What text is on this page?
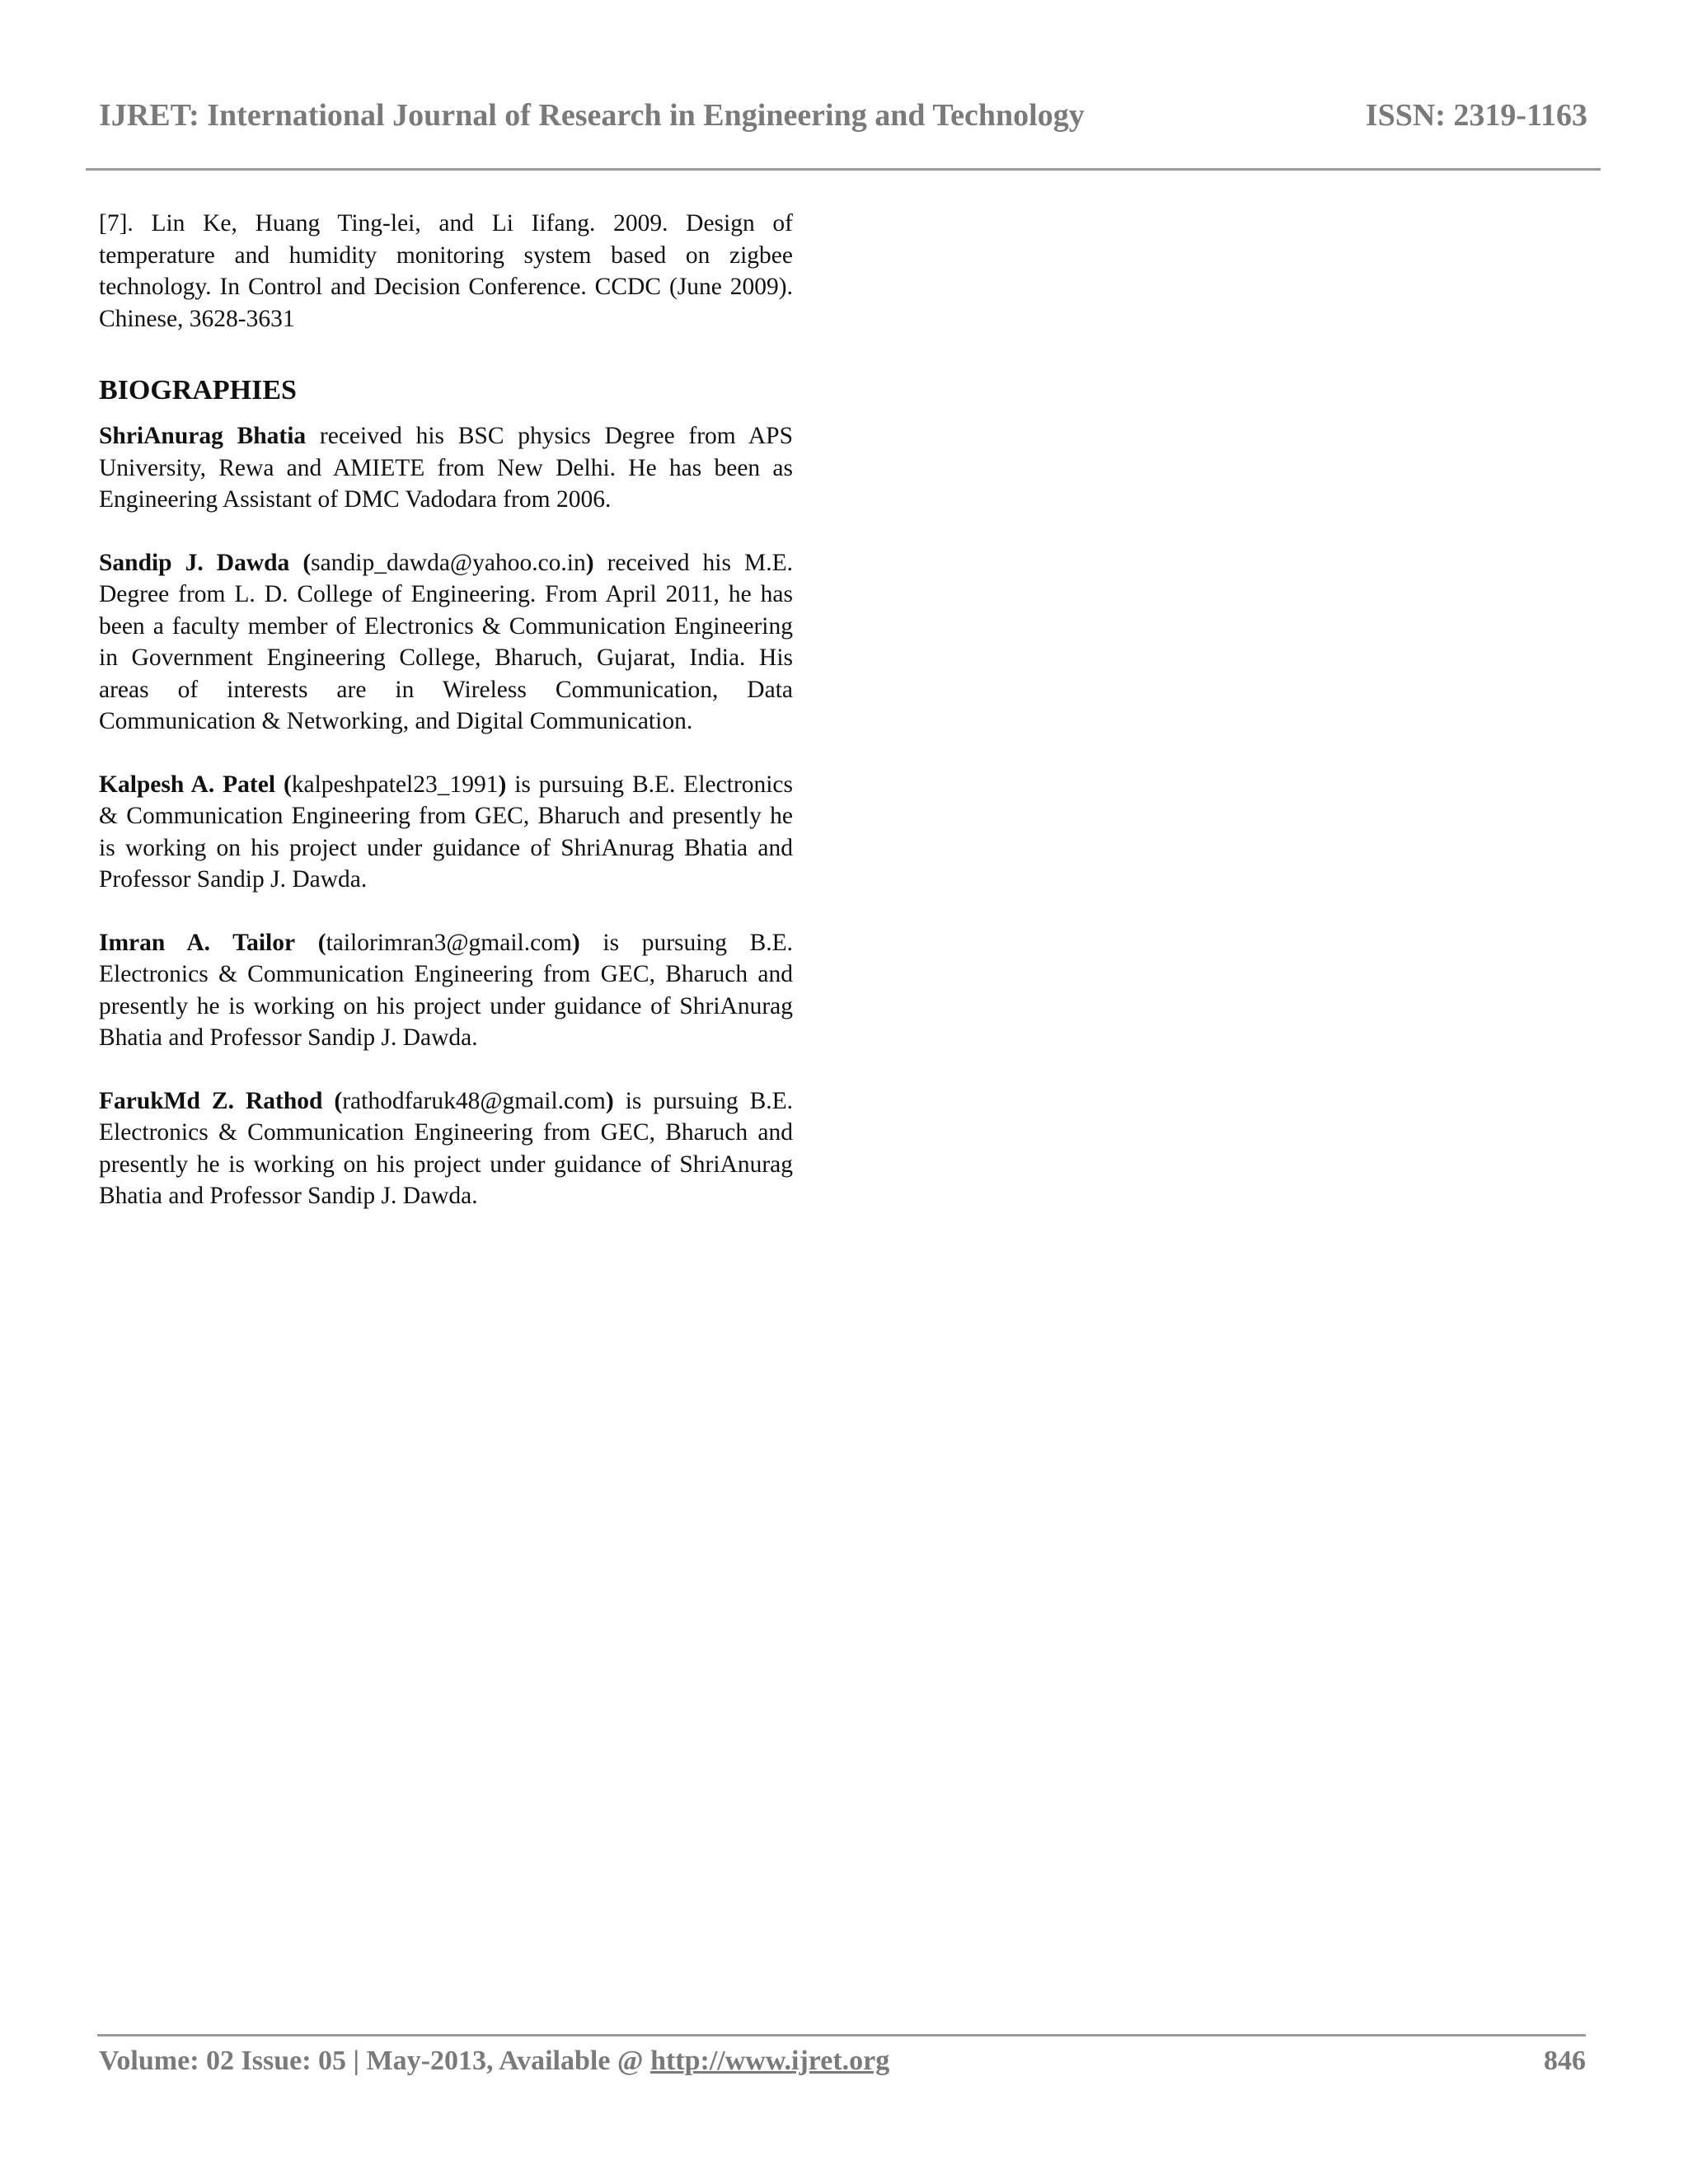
IJRET: International Journal of Research in Engineering and Technology	ISSN: 2319-1163

[7]. Lin Ke, Huang Ting-lei, and Li Iifang. 2009. Design of temperature and humidity monitoring system based on zigbee technology. In Control and Decision Conference. CCDC (June 2009). Chinese, 3628-3631

BIOGRAPHIES

ShriAnurag Bhatia received his BSC physics Degree from APS University, Rewa and AMIETE from New Delhi. He has been as Engineering Assistant of DMC Vadodara from 2006.

Sandip J. Dawda (sandip_dawda@yahoo.co.in) received his M.E. Degree from L. D. College of Engineering. From April 2011, he has been a faculty member of Electronics & Communication Engineering in Government Engineering College, Bharuch, Gujarat, India. His areas of interests are in Wireless Communication, Data Communication & Networking, and Digital Communication.

Kalpesh A. Patel (kalpeshpatel23_1991) is pursuing B.E. Electronics & Communication Engineering from GEC, Bharuch and presently he is working on his project under guidance of ShriAnurag Bhatia and Professor Sandip J. Dawda.

Imran A. Tailor (tailorimran3@gmail.com) is pursuing B.E. Electronics & Communication Engineering from GEC, Bharuch and presently he is working on his project under guidance of ShriAnurag Bhatia and Professor Sandip J. Dawda.

FarukMd Z. Rathod (rathodfaruk48@gmail.com) is pursuing B.E. Electronics & Communication Engineering from GEC, Bharuch and presently he is working on his project under guidance of ShriAnurag Bhatia and Professor Sandip J. Dawda.

Volume: 02 Issue: 05 | May-2013, Available @ http://www.ijret.org	846
